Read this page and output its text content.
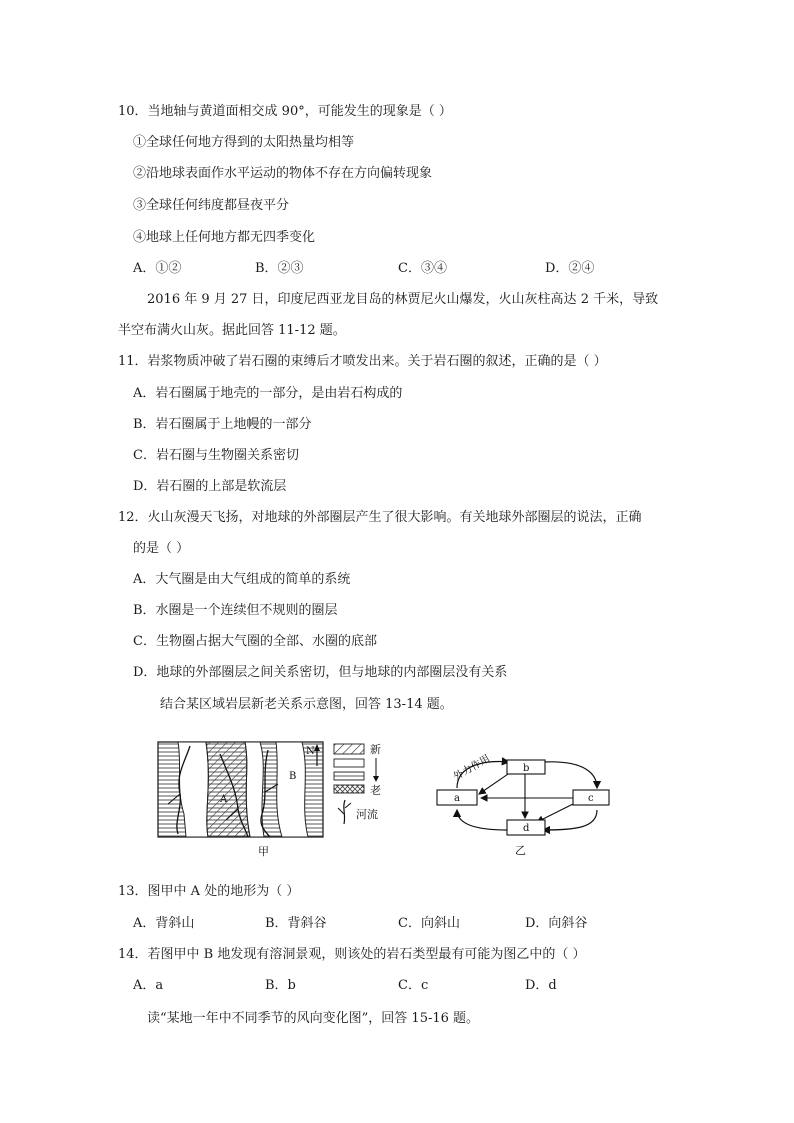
10．当地轴与黄道面相交成 90°，可能发生的现象是（ ）
①全球任何地方得到的太阳热量均相等
②沿地球表面作水平运动的物体不存在方向偏转现象
③全球任何纬度都昼夜平分
④地球上任何地方都无四季变化
A．①②	B．②③	C．③④	D．②④
2016 年 9 月 27 日，印度尼西亚龙目岛的林贾尼火山爆发，火山灰柱高达 2 千米，导致
半空布满火山灰。据此回答 11-12 题。
11．岩浆物质冲破了岩石圈的束缚后才喷发出来。关于岩石圈的叙述，正确的是（ ）
A．岩石圈属于地壳的一部分，是由岩石构成的
B．岩石圈属于上地幔的一部分
C．岩石圈与生物圈关系密切
D．岩石圈的上部是软流层
12．火山灰漫天飞扬，对地球的外部圈层产生了很大影响。有关地球外部圈层的说法，正确
的是（ ）
A．大气圈是由大气组成的简单的系统
B．水圈是一个连续但不规则的圈层
C．生物圈占据大气圈的全部、水圈的底部
D．地球的外部圈层之间关系密切，但与地球的内部圈层没有关系
结合某区域岩层新老关系示意图，回答 13-14 题。
N
A
B
新
老
河流
甲
a
b
c
d
外力作用
乙
13．图甲中 A 处的地形为（ ）
A．背斜山	B．背斜谷	C．向斜山	D．向斜谷
14．若图甲中 B 地发现有溶洞景观，则该处的岩石类型最有可能为图乙中的（ ）
A．a	B．b	C．c	D．d
读“某地一年中不同季节的风向变化图”，回答 15-16 题。
